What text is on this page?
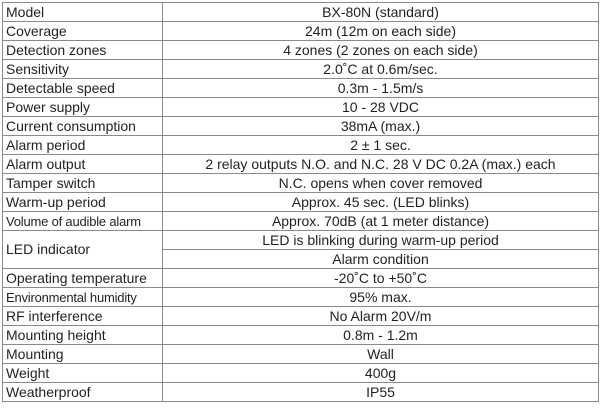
Model	BX-80N (standard)
Coverage	24m (12m on each side)
Detection zones	4 zones (2 zones on each side)
Sensitivity	2.0˚C at 0.6m/sec.
Detectable speed	0.3m - 1.5m/s
Power supply	10 - 28 VDC
Current consumption	38mA (max.)
Alarm period	2 ± 1 sec.
Alarm output	2 relay outputs N.O. and N.C. 28 V DC 0.2A (max.) each
Tamper switch	N.C. opens when cover removed
Warm-up period	Approx. 45 sec. (LED blinks)
Volume of audible alarm	Approx. 70dB (at 1 meter distance)
LED indicator	LED is blinking during warm-up period
	Alarm condition
Operating temperature	-20˚C to +50˚C
Environmental humidity	95% max.
RF interference	No Alarm 20V/m
Mounting height	0.8m - 1.2m
Mounting	Wall
Weight	400g
Weatherproof	IP55
